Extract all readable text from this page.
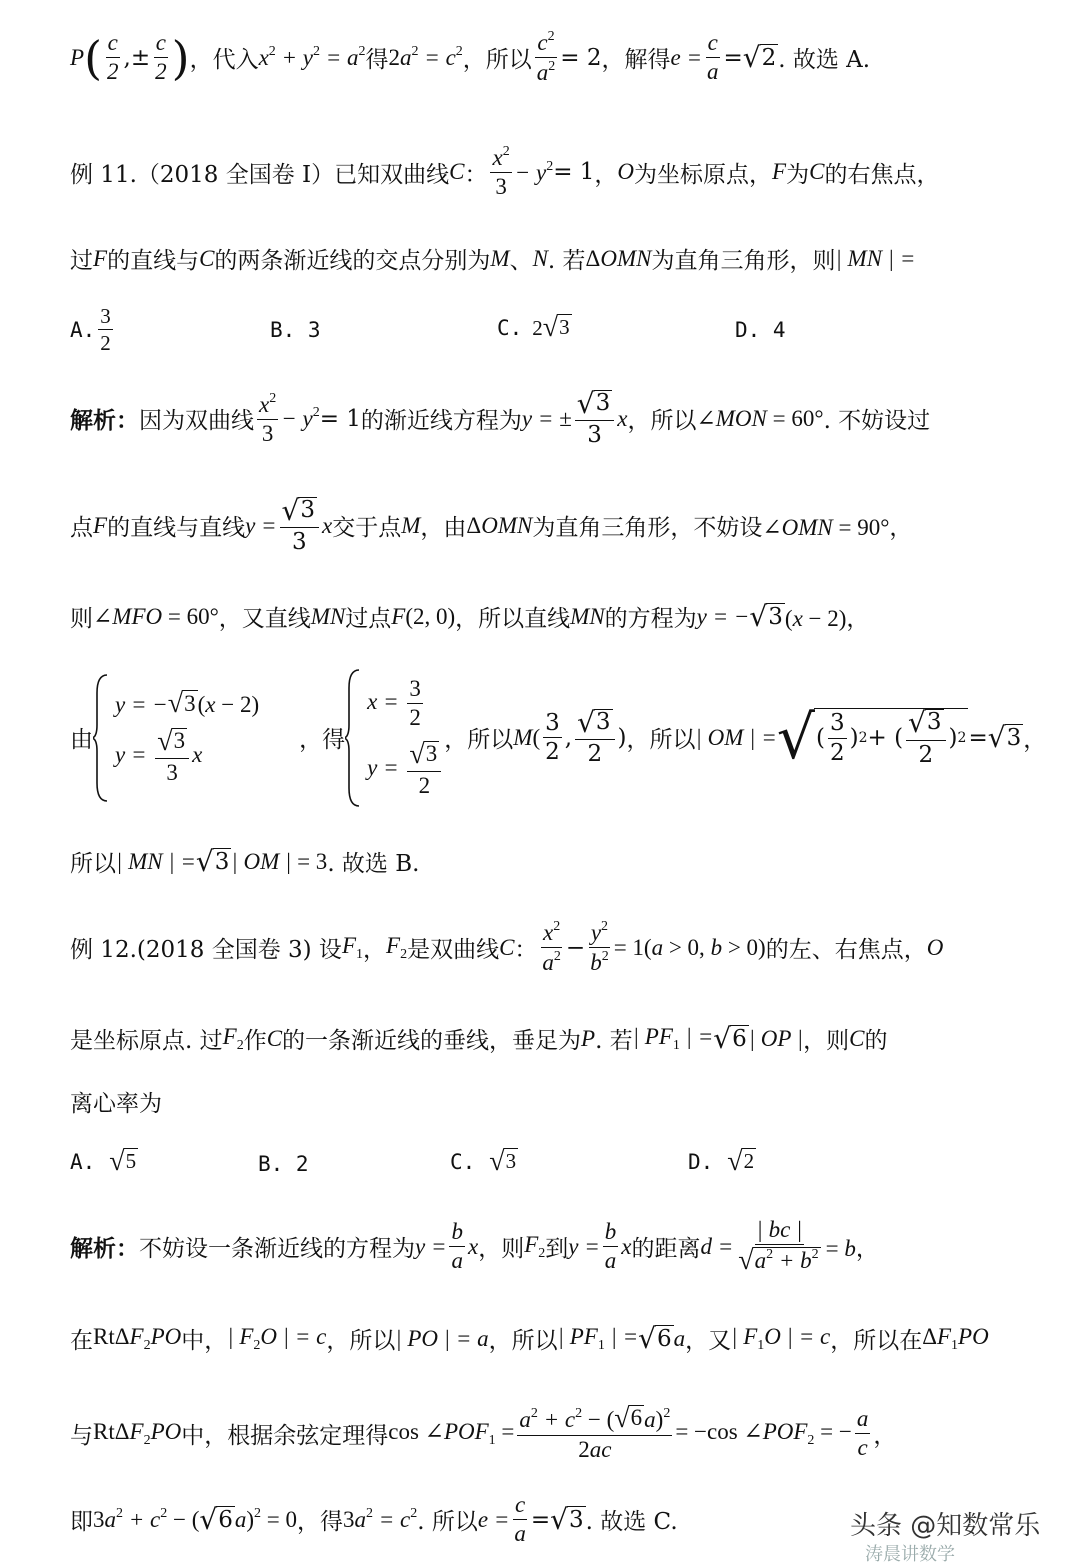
P ( $\frac{c}{2}$ ,± $\frac{c}{2}$ ) ，代入 $x^2 + y^2 = a^2$ 得 $2a^2 = c^2$ ，所以 $\frac{c^2}{a^2} = 2$ ，解得 $e = \frac{c}{a}$ = √ 2 . 故选 A.
例 11. （2018 全国卷 I）已知双曲线 C ： $\frac{x^2}{3} - y^2 = 1$ ， O 为坐标原点， F 为 C 的右焦点，
过 F 的直线与 C 的两条渐近线的交点分别为 M 、 N . 若 ΔOMN 为直角三角形，则 | MN | =
A. $\frac{3}{2}$	B. 3	C. 2 √ 3	D. 4
解析： 因为双曲线 $\frac{x^2}{3} - y^2 = 1$ 的渐近线方程为 y = ± $\frac{√ 3}{3}$ x ，所以 ∠MON = 60° . 不妨设过
点 F 的直线与直线 $y = \frac{√ 3}{3}$ x 交于点 M ，由 ΔOMN 为直角三角形，不妨设 ∠OMN = 90°，
则 ∠MFO = 60° ，又直线 MN 过点 F(2, 0) ，所以直线 MN 的方程为 y = − √ 3 (x − 2)，
由
y = − √ 3 (x − 2)
$y = \frac{√ 3}{3}$ x
，得
$x = \frac{3}{2}$
$y = \frac{√ 3}{2}$
，所以 $M( \frac{3}{2}$ , $\frac{√ 3}{2}$ ) ，所以 | OM | = √ ( $\frac{3}{2}$ ) 2 + ( $\frac{√ 3}{2}$ ) 2 = √ 3 ，
所以 | MN | = √ 3 | OM | = 3 . 故选 B.
例 12. (2018 全国卷 3) 设 $F_1$ ， $F_2$ 是双曲线 C ： $\frac{x^2}{a^2} - \frac{y^2}{b^2} = 1(a > 0$, b > 0) 的左、右焦点， O
是坐标原点. 过 $F_2$ 作 C 的一条渐近线的垂线，垂足为 P . 若 | $PF_1$ | = √ 6 | OP | ，则 C 的
离心率为
A. √ 5	B. 2	C. √ 3	D. √ 2
解析： 不妨设一条渐近线的方程为 $y = \frac{b}{a}$ x ，则 $F_2$ 到 $y = \frac{b}{a}$ x 的距离 $d = \frac{| bc |}{√ a^2 + b^2} = b$，
在 RtΔF$_2$PO 中， | $F_2O$ | = c ，所以 | PO | = a ，所以 | $PF_1$ | = √ 6 a ，又 | $F_1O$ | = c ，所以在 $\Delta F_1PO$
与 RtΔF$_2$PO 中，根据余弦定理得 $\cos \angle POF_1 = \frac{a^2 + c^2 - ( √ 6 a)^2}{2ac} = -\cos$ $\angle POF_2$ = − $\frac{a}{c}$ ，
即 $3a^2 + c^2$ − ( √ 6 a)$^2$ = 0 ，得 $3a^2 = c^2$ . 所以 $e = \frac{c}{a}$ = √ 3 . 故选 C.	头条 @知数常乐
涛晨讲数学
